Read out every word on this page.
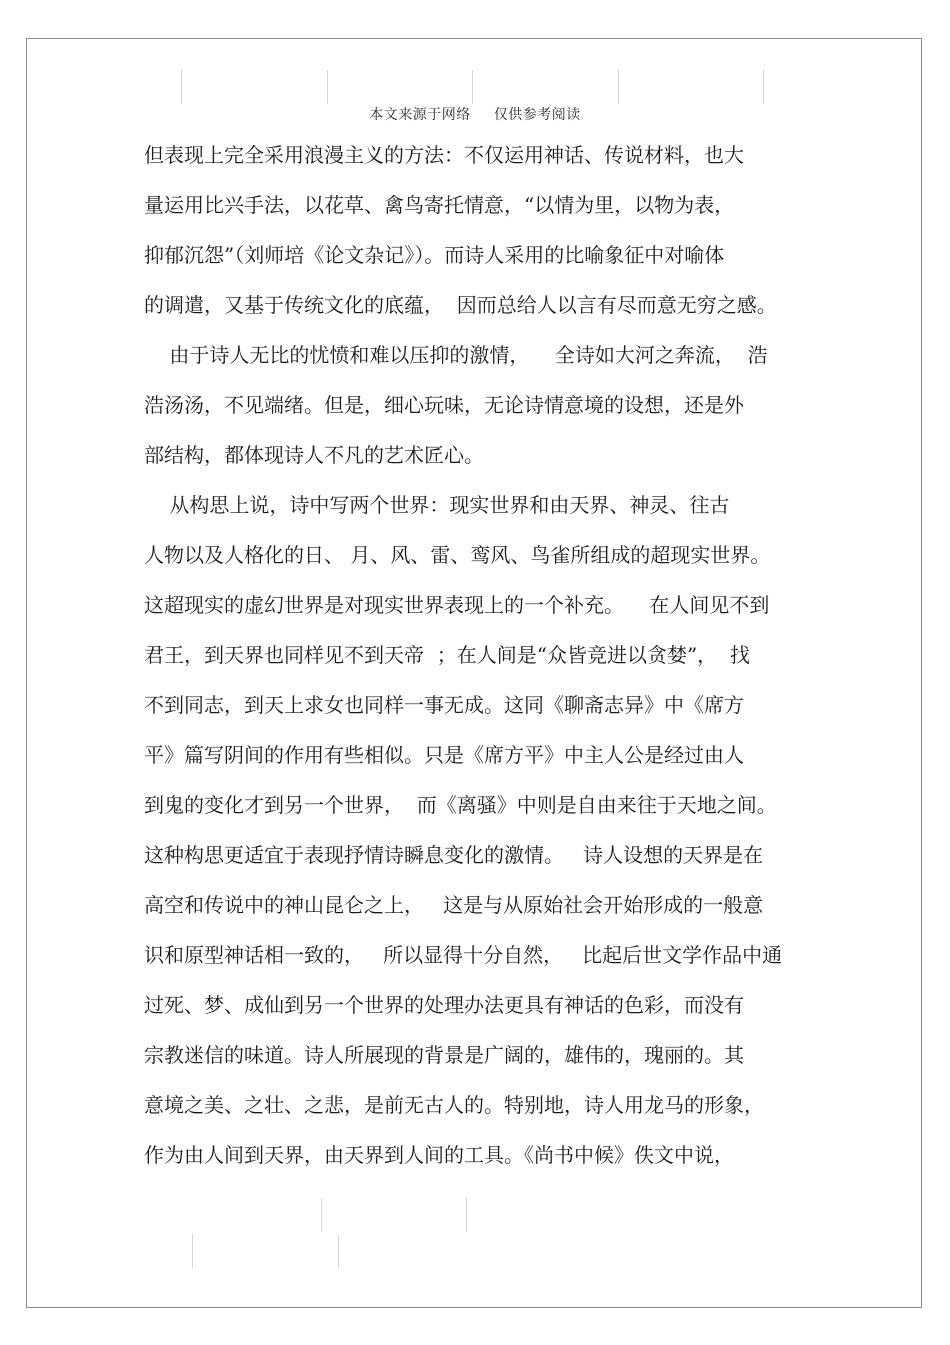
本文来源于网络 仅供参考阅读
但表现上完全采用浪漫主义的方法：不仅运用神话、传说材料，也大
量运用比兴手法，以花草、禽鸟寄托情意，“以情为里，以物为表，
抑郁沉怨”（刘师培《论文杂记》）。而诗人采用的比喻象征中对喻体
的调遣，又基于传统文化的底蕴，  因而总给人以言有尽而意无穷之感。
由于诗人无比的忧愤和难以压抑的激情，    全诗如大河之奔流，  浩
浩汤汤，不见端绪。但是，细心玩味，无论诗情意境的设想，还是外
部结构，都体现诗人不凡的艺术匠心。
从构思上说，诗中写两个世界：现实世界和由天界、神灵、往古
人物以及人格化的日、 月、风、雷、鸾风、鸟雀所组成的超现实世界。
这超现实的虚幻世界是对现实世界表现上的一个补充。    在人间见不到
君王，到天界也同样见不到天帝  ；在人间是“众皆竞进以贪婪”，  找
不到同志，到天上求女也同样一事无成。这同《聊斋志异》中《席方
平》篇写阴间的作用有些相似。只是《席方平》中主人公是经过由人
到鬼的变化才到另一个世界，  而《离骚》中则是自由来往于天地之间。
这种构思更适宜于表现抒情诗瞬息变化的激情。   诗人设想的天界是在
高空和传说中的神山昆仑之上，   这是与从原始社会开始形成的一般意
识和原型神话相一致的，   所以显得十分自然，   比起后世文学作品中通
过死、梦、成仙到另一个世界的处理办法更具有神话的色彩，而没有
宗教迷信的味道。诗人所展现的背景是广阔的，雄伟的，瑰丽的。其
意境之美、之壮、之悲，是前无古人的。特别地，诗人用龙马的形象，
作为由人间到天界，由天界到人间的工具。《尚书中候》佚文中说，
